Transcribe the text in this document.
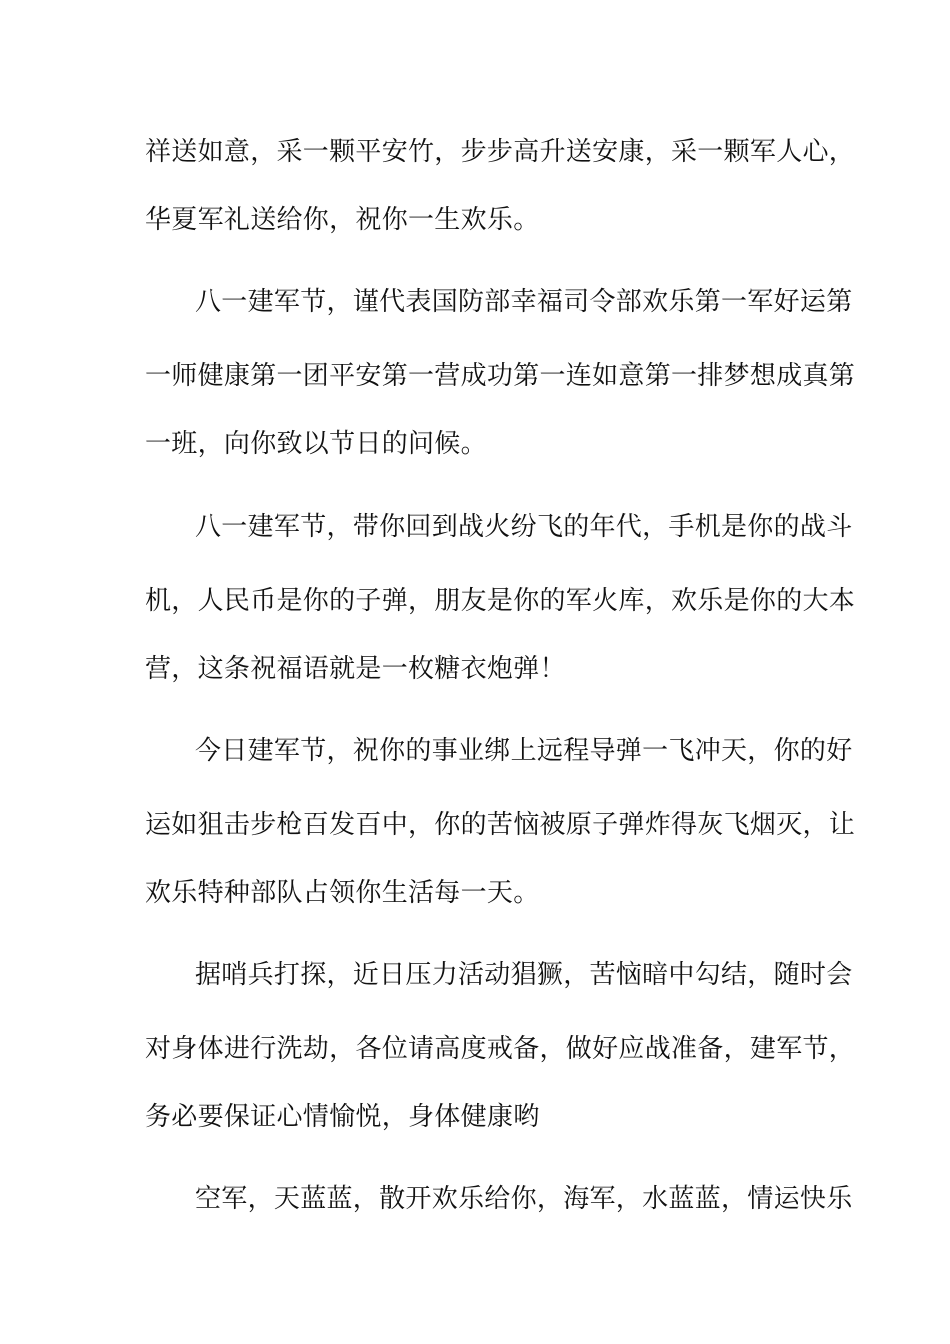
祥送如意，采一颗平安竹，步步高升送安康，采一颗军人心，
华夏军礼送给你，祝你一生欢乐。
八一建军节，谨代表国防部幸福司令部欢乐第一军好运第
一师健康第一团平安第一营成功第一连如意第一排梦想成真第
一班，向你致以节日的问候。
八一建军节，带你回到战火纷飞的年代，手机是你的战斗
机，人民币是你的子弹，朋友是你的军火库，欢乐是你的大本
营，这条祝福语就是一枚糖衣炮弹！
今日建军节，祝你的事业绑上远程导弹一飞冲天，你的好
运如狙击步枪百发百中，你的苦恼被原子弹炸得灰飞烟灭，让
欢乐特种部队占领你生活每一天。
据哨兵打探，近日压力活动猖獗，苦恼暗中勾结，随时会
对身体进行洗劫，各位请高度戒备，做好应战准备，建军节，
务必要保证心情愉悦，身体健康哟
空军，天蓝蓝，散开欢乐给你，海军，水蓝蓝，情运快乐
